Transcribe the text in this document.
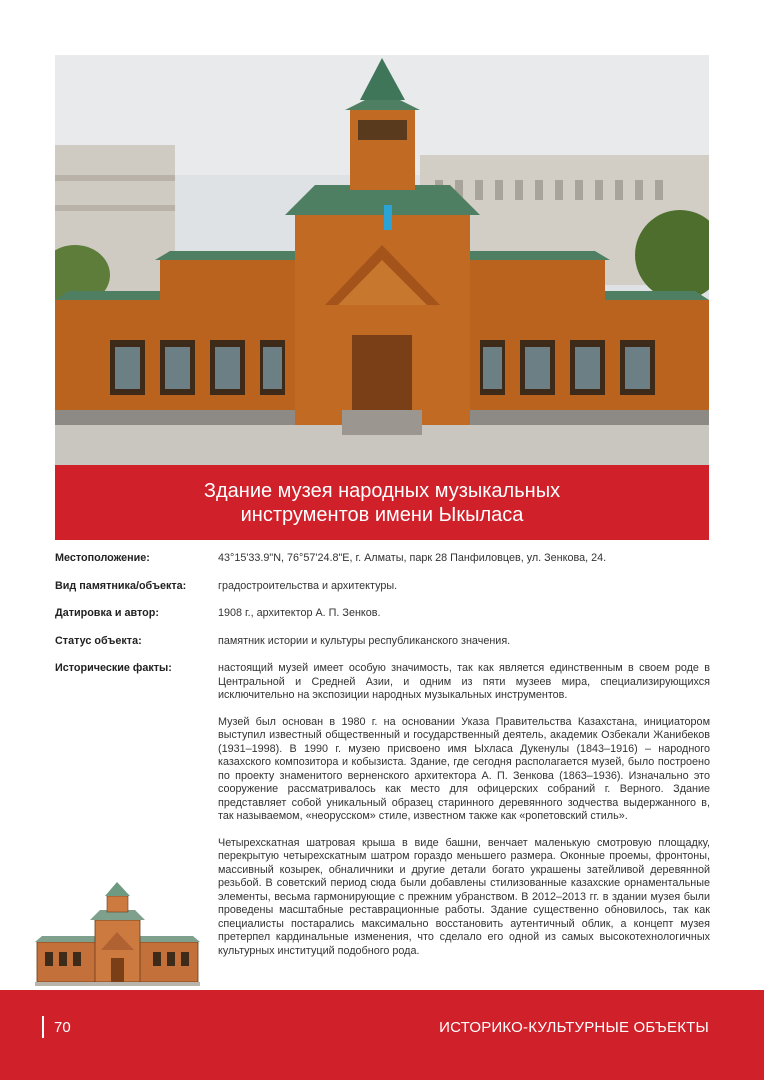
Здание музея народных музыкальных
инструментов имени Ыкыласа
Местоположение:	43°15'33.9"N, 76°57'24.8"E, г. Алматы, парк 28 Панфиловцев, ул. Зенкова, 24.
Вид памятника/объекта:	градостроительства и архитектуры.
Датировка и автор:	1908 г., архитектор А. П. Зенков.
Статус объекта:	памятник истории и культуры республиканского значения.
Исторические факты:	настоящий музей имеет особую значимость, так как является единственным в своем роде в Центральной и Средней Азии, и одним из пяти музеев мира, специализирующихся исключительно на экспозиции народных музыкальных инструментов.

Музей был основан в 1980 г. на основании Указа Правительства Казахстана, инициатором выступил известный общественный и государственный деятель, академик Озбекали Жанибеков (1931–1998). В 1990 г. музею присвоено имя Ыхласа Дукенулы (1843–1916) – народного казахского композитора и кобызиста. Здание, где сегодня располагается музей, было построено по проекту знаменитого верненского архитектора А. П. Зенкова (1863–1936). Изначально это сооружение рассматривалось как место для офицерских собраний г. Верного. Здание представляет собой уникальный образец старинного деревянного зодчества выдержанного в, так называемом, «неорусском» стиле, известном также как «ропетовский стиль».

Четырехскатная шатровая крыша в виде башни, венчает маленькую смотровую площадку, перекрытую четырехскатным шатром гораздо меньшего размера. Оконные проемы, фронтоны, массивный козырек, обналичники и другие детали богато украшены затейливой деревянной резьбой. В советский период сюда были добавлены стилизованные казахские орнаментальные элементы, весьма гармонирующие с прежним убранством. В 2012–2013 гг. в здании музея были проведены масштабные реставрационные работы. Здание существенно обновилось, так как специалисты постарались максимально восстановить аутентичный облик, а концепт музея претерпел кардинальные изменения, что сделало его одной из самых высокотехнологичных культурных институций подобного рода.

70	ИСТОРИКО-КУЛЬТУРНЫЕ ОБЪЕКТЫ
